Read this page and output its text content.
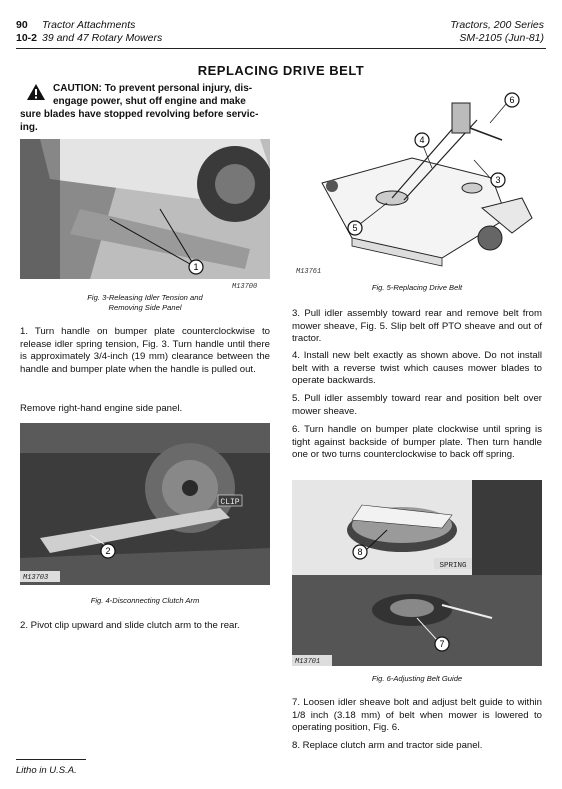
90 Tractor Attachments
10-2 39 and 47 Rotary Mowers
Tractors, 200 Series
SM-2105 (Jun-81)
REPLACING DRIVE BELT
CAUTION: To prevent personal injury, dis-
engage power, shut off engine and make
sure blades have stopped revolving before servic-
ing.
1
M13700
Fig. 3-Releasing Idler Tension and
Removing Side Panel
1. Turn handle on bumper plate counterclockwise to release idler spring tension, Fig. 3. Turn handle until there is approximately 3/4-inch (19 mm) clearance between the handle and bumper plate when the handle is pulled out.
Remove right-hand engine side panel.
CLIP
2
M13703
Fig. 4-Disconnecting Clutch Arm
2. Pivot clip upward and slide clutch arm to the rear.
6
4
3
5
M13761
Fig. 5-Replacing Drive Belt
3. Pull idler assembly toward rear and remove belt from mower sheave, Fig. 5. Slip belt off PTO sheave and out of tractor.
4. Install new belt exactly as shown above. Do not install belt with a reverse twist which causes mower blades to operate backwards.
5. Pull idler assembly toward rear and position belt over mower sheave.
6. Turn handle on bumper plate clockwise until spring is tight against backside of bumper plate. Then turn handle one or two turns counterclockwise to back off spring.
SPRING
8
7
M13701
Fig. 6-Adjusting Belt Guide
7. Loosen idler sheave bolt and adjust belt guide to within 1/8 inch (3.18 mm) of belt when mower is lowered to operating position, Fig. 6.
8. Replace clutch arm and tractor side panel.
Litho in U.S.A.
